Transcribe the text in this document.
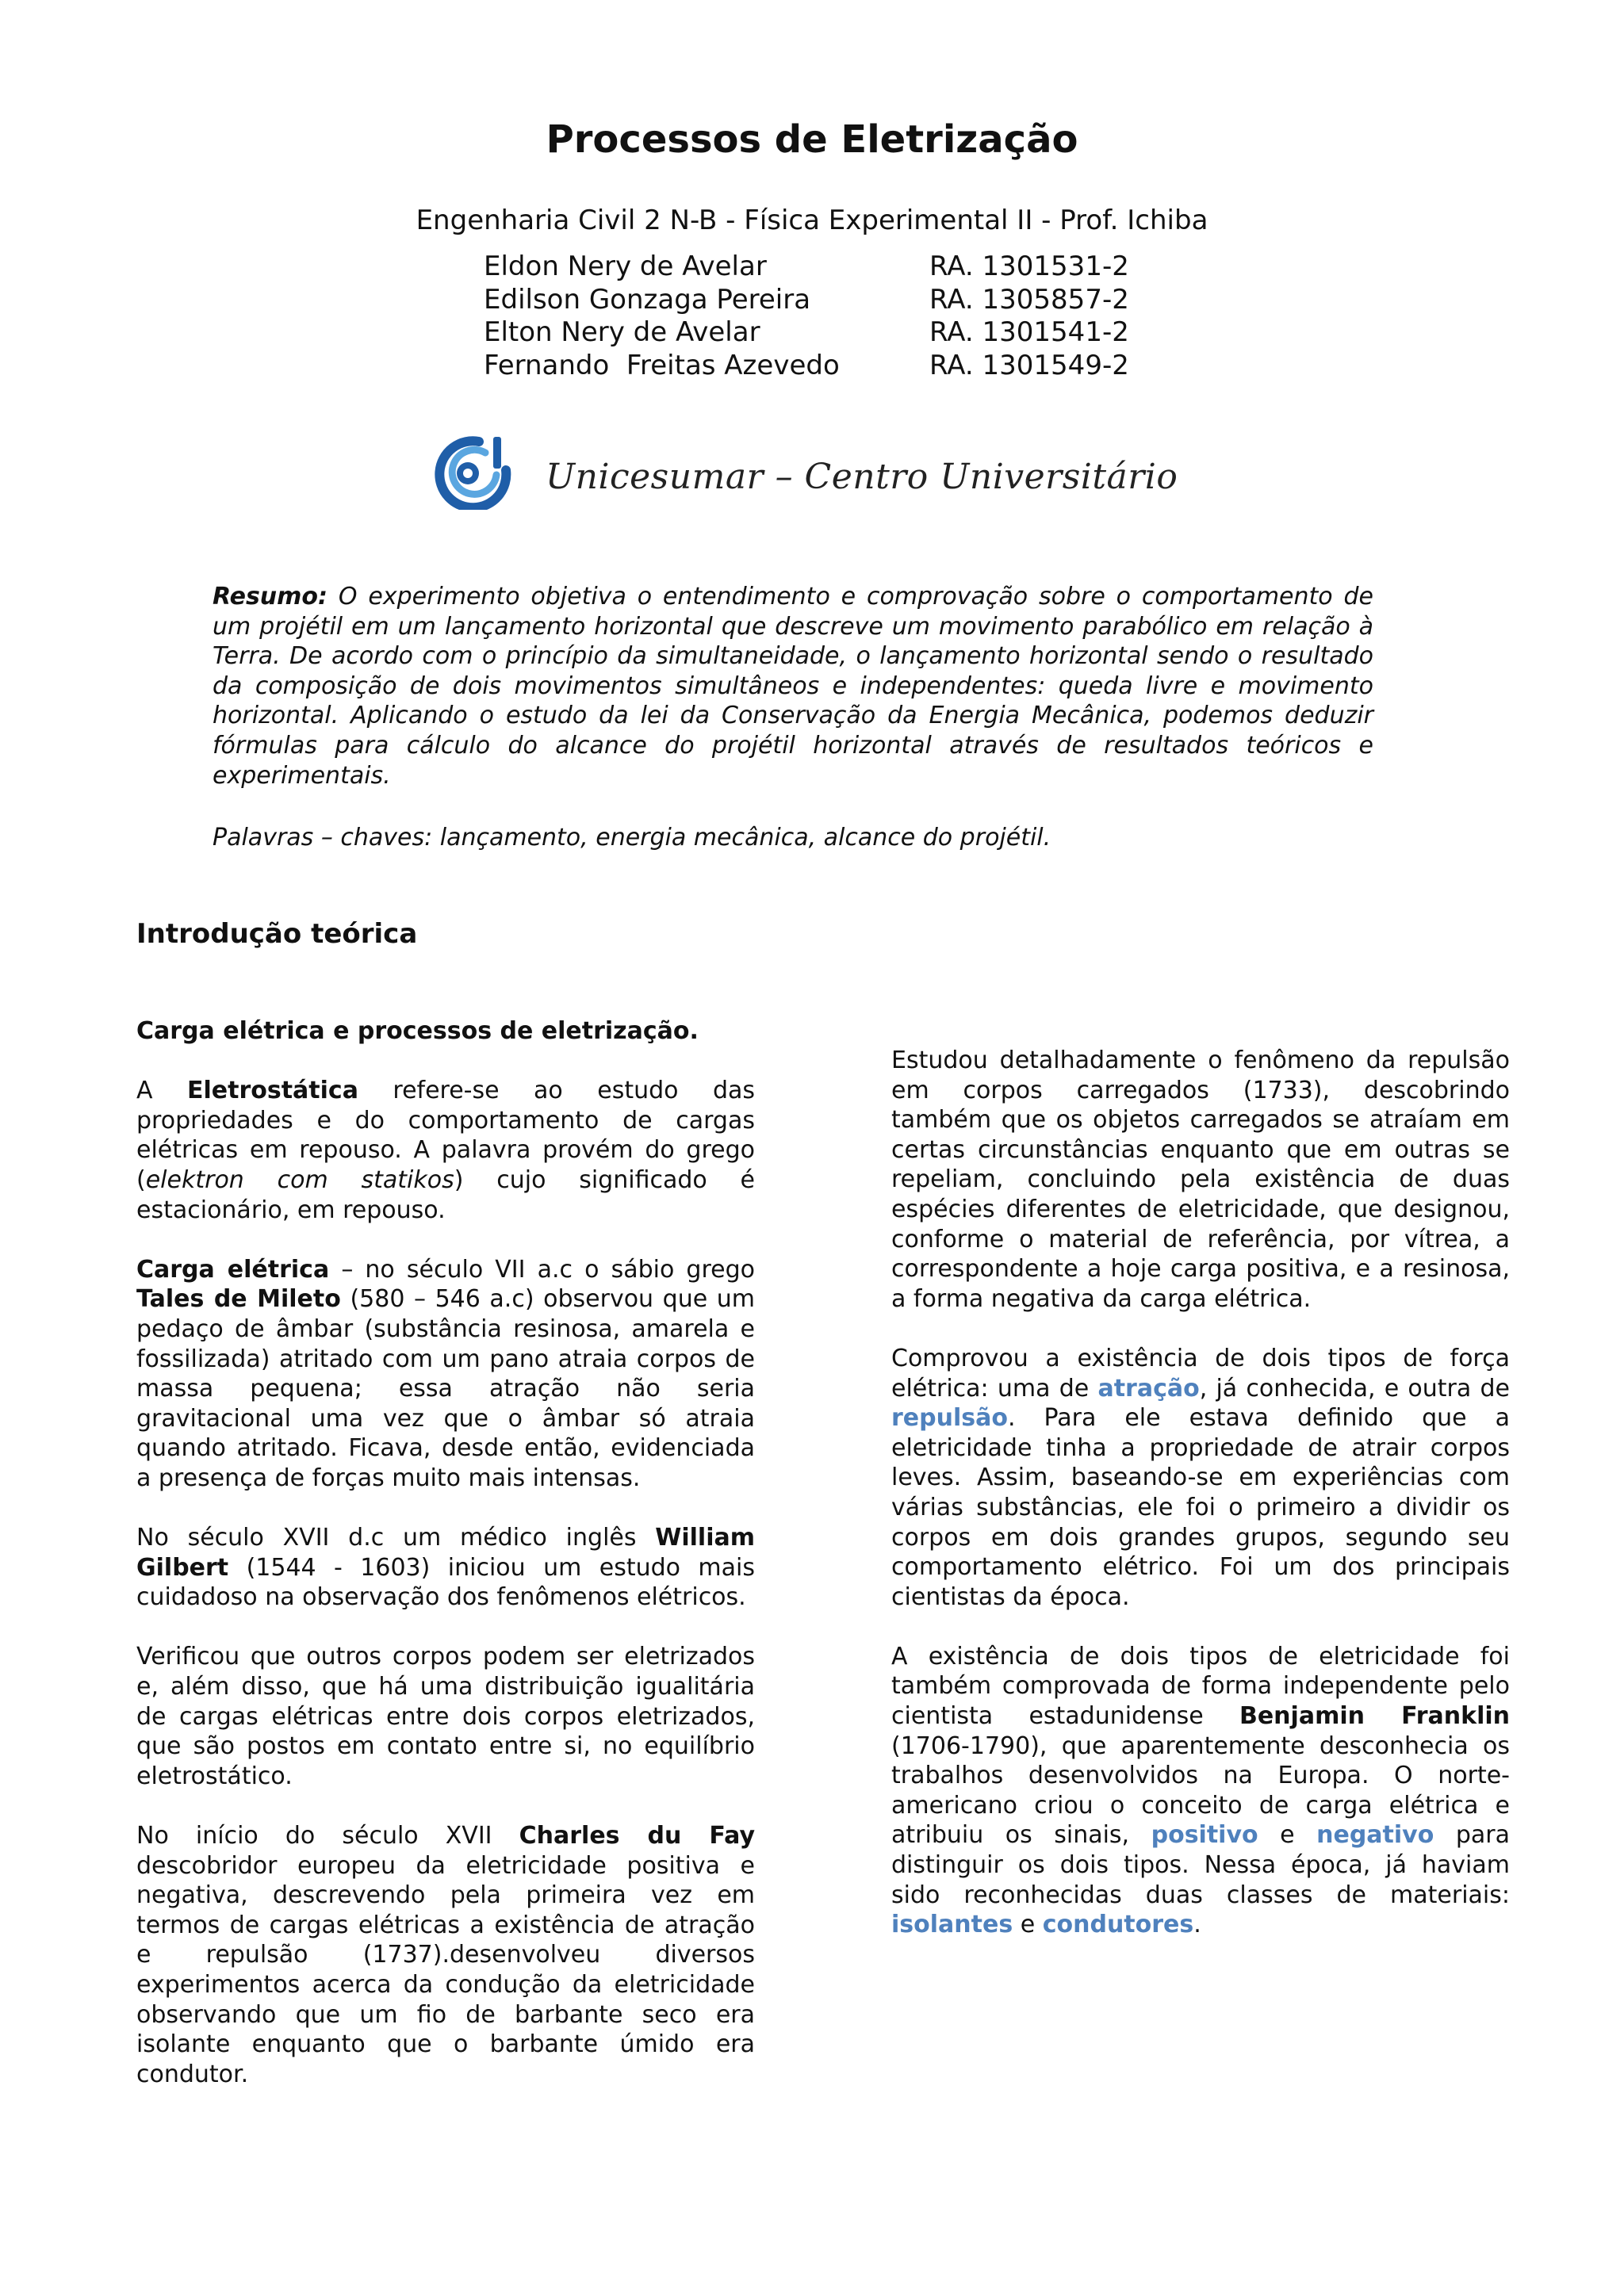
Processos de Eletrização
Engenharia Civil 2 N-B - Física Experimental II - Prof. Ichiba
Eldon Nery de Avelar	RA. 1301531-2
Edilson Gonzaga Pereira	RA. 1305857-2
Elton Nery de Avelar	RA. 1301541-2
Fernando  Freitas Azevedo	RA. 1301549-2
Unicesumar – Centro Universitário

Resumo: O experimento objetiva o entendimento e comprovação sobre o comportamento de um projétil em um lançamento horizontal que descreve um movimento parabólico em relação à Terra. De acordo com o princípio da simultaneidade, o lançamento horizontal sendo o resultado da composição de dois movimentos simultâneos e independentes: queda livre e movimento horizontal. Aplicando o estudo da lei da Conservação da Energia Mecânica, podemos deduzir fórmulas para cálculo do alcance do projétil horizontal através de resultados teóricos e experimentais.

Palavras – chaves: lançamento, energia mecânica, alcance do projétil.
Introdução teórica
Carga elétrica e processos de eletrização.

A Eletrostática refere-se ao estudo das propriedades e do comportamento de cargas elétricas em repouso. A palavra provém do grego (elektron com statikos) cujo significado é estacionário, em repouso.

Carga elétrica – no século VII a.c o sábio grego Tales de Mileto (580 – 546 a.c) observou que um pedaço de âmbar (substância resinosa, amarela e fossilizada) atritado com um pano atraia corpos de massa pequena; essa atração não seria gravitacional uma vez que o âmbar só atraia quando atritado. Ficava, desde então, evidenciada a presença de forças muito mais intensas.

No século XVII d.c um médico inglês William Gilbert (1544 - 1603) iniciou um estudo mais cuidadoso na observação dos fenômenos elétricos.

Verificou que outros corpos podem ser eletrizados e, além disso, que há uma distribuição igualitária de cargas elétricas entre dois corpos eletrizados, que são postos em contato entre si, no equilíbrio eletrostático.

No início do século XVII Charles du Fay descobridor europeu da eletricidade positiva e negativa, descrevendo pela primeira vez em termos de cargas elétricas a existência de atração e repulsão (1737).desenvolveu diversos experimentos acerca da condução da eletricidade observando que um fio de barbante seco era isolante enquanto que o barbante úmido era condutor.

Estudou detalhadamente o fenômeno da repulsão em corpos carregados (1733), descobrindo também que os objetos carregados se atraíam em certas circunstâncias enquanto que em outras se repeliam, concluindo pela existência de duas espécies diferentes de eletricidade, que designou, conforme o material de referência, por vítrea, a correspondente a hoje carga positiva, e a resinosa, a forma negativa da carga elétrica.

Comprovou a existência de dois tipos de força elétrica: uma de atração, já conhecida, e outra de repulsão. Para ele estava definido que a eletricidade tinha a propriedade de atrair corpos leves. Assim, baseando-se em experiências com várias substâncias, ele foi o primeiro a dividir os corpos em dois grandes grupos, segundo seu comportamento elétrico. Foi um dos principais cientistas da época.

A existência de dois tipos de eletricidade foi também comprovada de forma independente pelo cientista estadunidense Benjamin Franklin (1706-1790), que aparentemente desconhecia os trabalhos desenvolvidos na Europa. O norte-americano criou o conceito de carga elétrica e atribuiu os sinais, positivo e negativo para distinguir os dois tipos. Nessa época, já haviam sido reconhecidas duas classes de materiais: isolantes e condutores.
